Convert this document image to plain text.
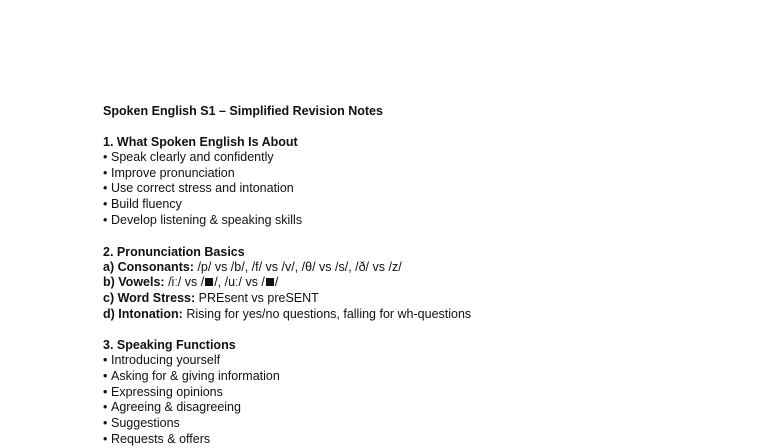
Spoken English S1 – Simplified Revision Notes
1. What Spoken English Is About
• Speak clearly and confidently
• Improve pronunciation
• Use correct stress and intonation
• Build fluency
• Develop listening & speaking skills
2. Pronunciation Basics
a) Consonants: /p/ vs /b/, /f/ vs /v/, /θ/ vs /s/, /ð/ vs /z/
b) Vowels: /iː/ vs / /, /uː/ vs / /
c) Word Stress: PREsent vs preSENT
d) Intonation: Rising for yes/no questions, falling for wh-questions
3. Speaking Functions
• Introducing yourself
• Asking for & giving information
• Expressing opinions
• Agreeing & disagreeing
• Suggestions
• Requests & offers
